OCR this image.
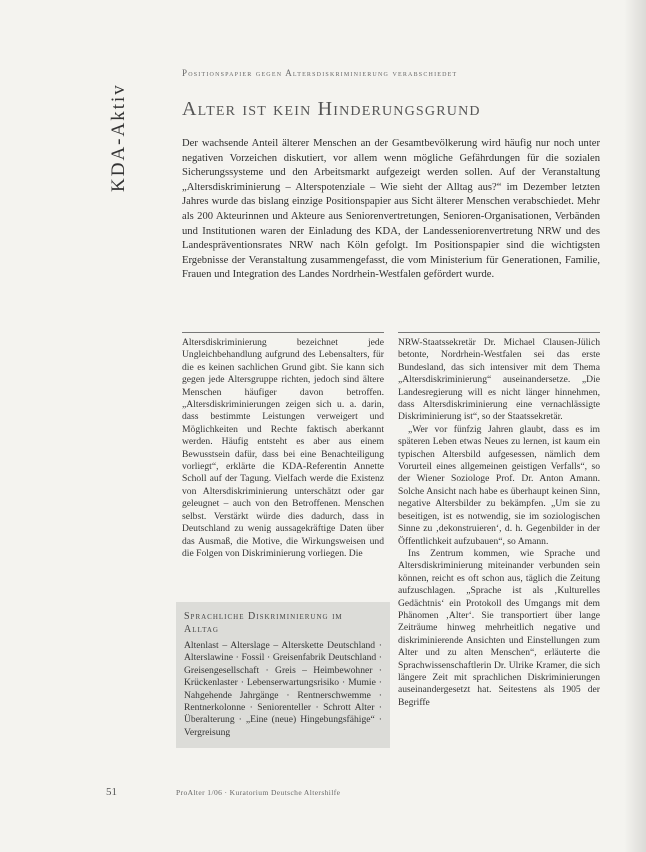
KDA-Aktiv
Positionspapier gegen Altersdiskriminierung verabschiedet
Alter ist kein Hinderungsgrund
Der wachsende Anteil älterer Menschen an der Gesamtbevölkerung wird häufig nur noch unter negativen Vorzeichen diskutiert, vor allem wenn mögliche Gefährdungen für die sozialen Sicherungssysteme und den Arbeitsmarkt aufgezeigt werden sollen. Auf der Veranstaltung „Altersdiskriminierung – Alterspotenziale – Wie sieht der Alltag aus?“ im Dezember letzten Jahres wurde das bislang einzige Positionspapier aus Sicht älterer Menschen verabschiedet. Mehr als 200 Akteurinnen und Akteure aus Seniorenvertretungen, Senioren-Organisationen, Verbänden und Institutionen waren der Einladung des KDA, der Landesseniorenvertretung NRW und des Landespräventionsrates NRW nach Köln gefolgt. Im Positionspapier sind die wichtigsten Ergebnisse der Veranstaltung zusammengefasst, die vom Ministerium für Generationen, Familie, Frauen und Integration des Landes Nordrhein-Westfalen gefördert wurde.

Altersdiskriminierung bezeichnet jede Ungleichbehandlung aufgrund des Lebensalters, für die es keinen sachlichen Grund gibt. Sie kann sich gegen jede Altersgruppe richten, jedoch sind ältere Menschen häufiger davon betroffen. „Altersdiskriminierungen zeigen sich u. a. darin, dass bestimmte Leistungen verweigert und Möglichkeiten und Rechte faktisch aberkannt werden. Häufig entsteht es aber aus einem Bewusstsein dafür, dass bei eine Benachteiligung vorliegt“, erklärte die KDA-Referentin Annette Scholl auf der Tagung. Vielfach werde die Existenz von Altersdiskriminierung unterschätzt oder gar geleugnet – auch von den Betroffenen. Menschen selbst. Verstärkt würde dies dadurch, dass in Deutschland zu wenig aussagekräftige Daten über das Ausmaß, die Motive, die Wirkungsweisen und die Folgen von Diskriminierung vorliegen. Die

NRW-Staatssekretär Dr. Michael Clausen-Jülich betonte, Nordrhein-Westfalen sei das erste Bundesland, das sich intensiver mit dem Thema „Altersdiskriminierung“ auseinandersetze. „Die Landesregierung will es nicht länger hinnehmen, dass Altersdiskriminierung eine vernachlässigte Diskriminierung ist“, so der Staatssekretär.

„Wer vor fünfzig Jahren glaubt, dass es im späteren Leben etwas Neues zu lernen, ist kaum ein typischen Altersbild aufgesessen, nämlich dem Vorurteil eines allgemeinen geistigen Verfalls“, so der Wiener Soziologe Prof. Dr. Anton Amann. Solche Ansicht nach habe es überhaupt keinen Sinn, negative Altersbilder zu bekämpfen. „Um sie zu beseitigen, ist es notwendig, sie im soziologischen Sinne zu ‚dekonstruieren‘, d. h. Gegenbilder in der Öffentlichkeit aufzubauen“, so Amann.

Ins Zentrum kommen, wie Sprache und Altersdiskriminierung miteinander verbunden sein können, reicht es oft schon aus, täglich die Zeitung aufzuschlagen. „Sprache ist als ‚Kulturelles Gedächtnis‘ ein Protokoll des Umgangs mit dem Phänomen ‚Alter‘. Sie transportiert über lange Zeiträume hinweg mehrheitlich negative und diskriminierende Ansichten und Einstellungen zum Alter und zu alten Menschen“, erläuterte die Sprachwissenschaftlerin Dr. Ulrike Kramer, die sich längere Zeit mit sprachlichen Diskriminierungen auseinandergesetzt hat. Seitestens als 1905 der Begriffe

Sprachliche Diskriminierung im Alltag
Altenlast – Alterslage – Alterskette Deutschland · Alterslawine · Fossil · Greisenfabrik Deutschland · Greisengesellschaft · Greis – Heimbewohner · Krückenlaster · Lebenserwartungsrisiko · Mumie · Nahgehende Jahrgänge · Rentnerschwemme · Rentnerkolonne · Seniorenteller · Schrott Alter · Überalterung · „Eine (neue) Hingebungsfähige“ · Vergreisung
51	ProAlter 1/06 · Kuratorium Deutsche Altershilfe
